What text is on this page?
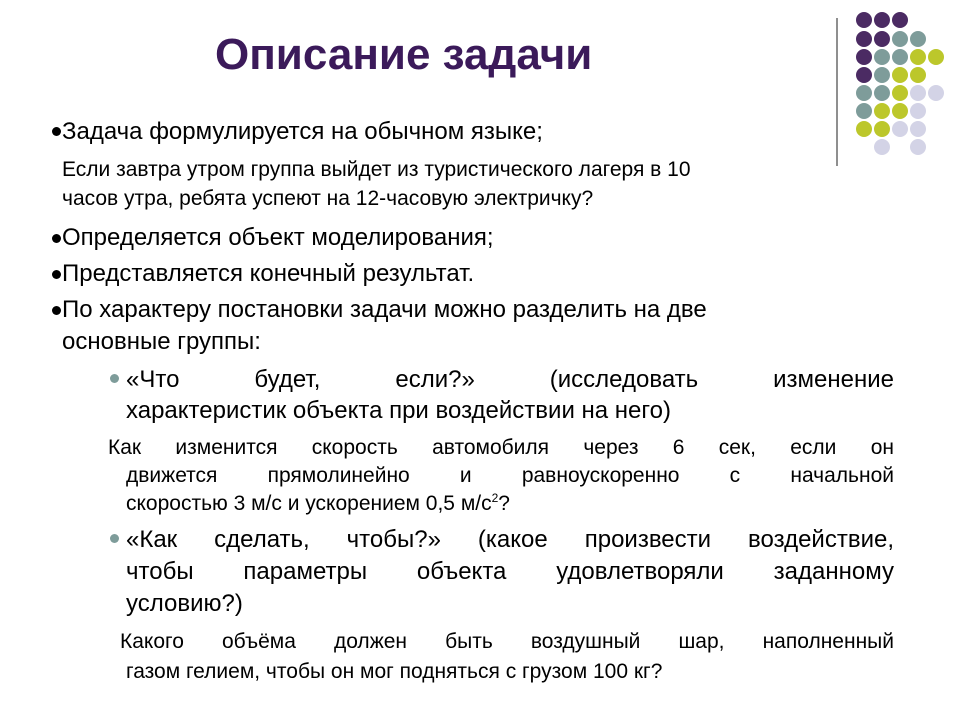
Описание задачи
Задача формулируется на обычном языке;
Если завтра утром группа выйдет из туристического лагеря в 10
часов утра, ребята успеют на 12-часовую электричку?
Определяется объект моделирования;
Представляется конечный результат.
По характеру постановки задачи можно разделить на две
основные группы:
«Что будет, если?» (исследовать изменение
характеристик объекта при воздействии на него)
Как изменится скорость автомобиля через 6 сек, если он
движется прямолинейно и равноускоренно с начальной
скоростью 3 м/с и ускорением 0,5 $м/с^2$?
«Как сделать, чтобы?» (какое произвести воздействие,
чтобы параметры объекта удовлетворяли заданному
условию?)
Какого объёма должен быть воздушный шар, наполненный
газом гелием, чтобы он мог подняться с грузом 100 кг?
